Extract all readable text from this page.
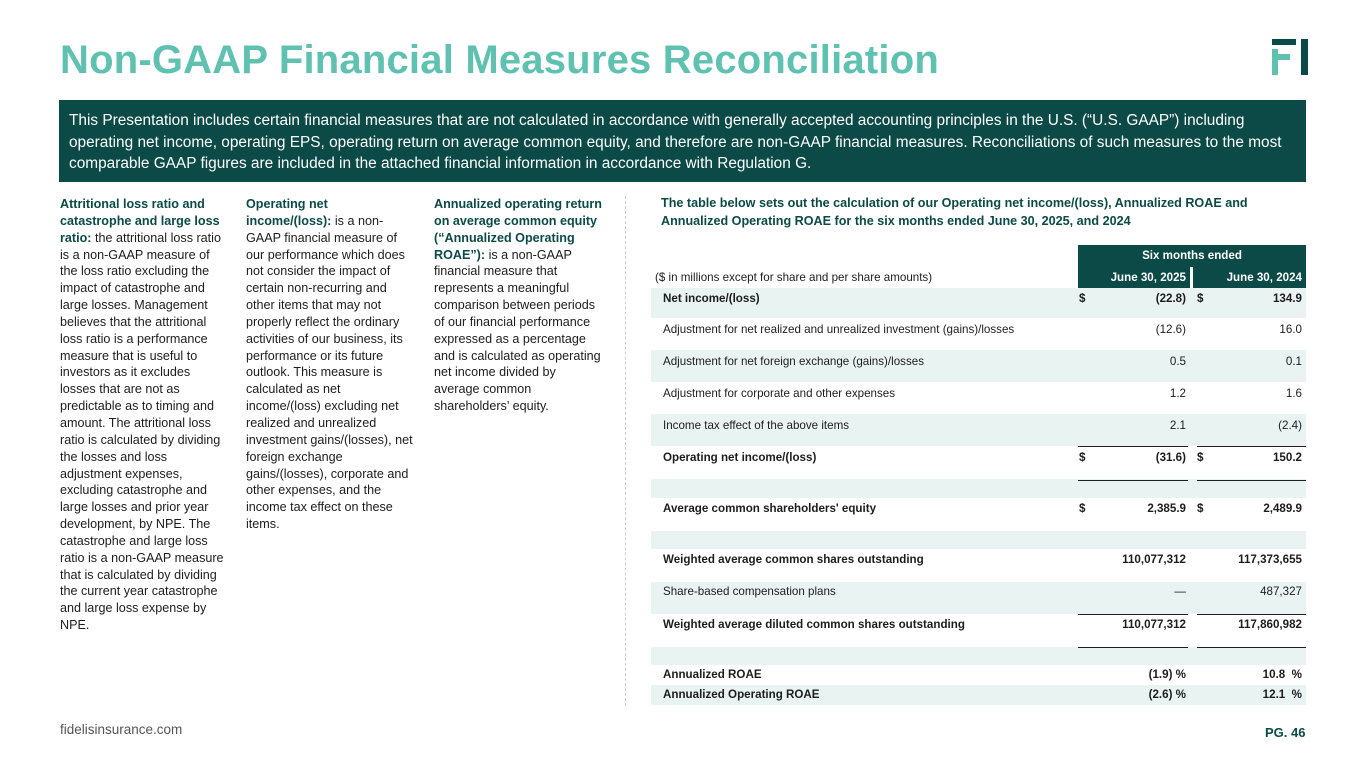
Non-GAAP Financial Measures Reconciliation
This Presentation includes certain financial measures that are not calculated in accordance with generally accepted accounting principles in the U.S. (“U.S. GAAP”) including operating net income, operating EPS, operating return on average common equity, and therefore are non-GAAP financial measures. Reconciliations of such measures to the most comparable GAAP figures are included in the attached financial information in accordance with Regulation G.
Attritional loss ratio and catastrophe and large loss ratio: the attritional loss ratio is a non-GAAP measure of the loss ratio excluding the impact of catastrophe and large losses. Management believes that the attritional loss ratio is a performance measure that is useful to investors as it excludes losses that are not as predictable as to timing and amount. The attritional loss ratio is calculated by dividing the losses and loss adjustment expenses, excluding catastrophe and large losses and prior year development, by NPE. The catastrophe and large loss ratio is a non-GAAP measure that is calculated by dividing the current year catastrophe and large loss expense by NPE.
Operating net income/(loss): is a non-GAAP financial measure of our performance which does not consider the impact of certain non-recurring and other items that may not properly reflect the ordinary activities of our business, its performance or its future outlook. This measure is calculated as net income/(loss) excluding net realized and unrealized investment gains/(losses), net foreign exchange gains/(losses), corporate and other expenses, and the income tax effect on these items.
Annualized operating return on average common equity (“Annualized Operating ROAE”): is a non-GAAP financial measure that represents a meaningful comparison between periods of our financial performance expressed as a percentage and is calculated as operating net income divided by average common shareholders’ equity.
The table below sets out the calculation of our Operating net income/(loss), Annualized ROAE and Annualized Operating ROAE for the six months ended June 30, 2025, and 2024
Six months ended
($ in millions except for share and per share amounts)	June 30, 2025	June 30, 2024
Net income/(loss)	$	(22.8) $	134.9
Adjustment for net realized and unrealized investment (gains)/losses	(12.6)	16.0
Adjustment for net foreign exchange (gains)/losses	0.5	0.1
Adjustment for corporate and other expenses	1.2	1.6
Income tax effect of the above items	2.1	(2.4)
Operating net income/(loss)	$	(31.6) $	150.2
Average common shareholders' equity	$	2,385.9 $	2,489.9
Weighted average common shares outstanding	110,077,312	117,373,655
Share-based compensation plans	—	487,327
Weighted average diluted common shares outstanding	110,077,312	117,860,982
Annualized ROAE	(1.9) %	10.8  %
Annualized Operating ROAE	(2.6) %	12.1  %
fidelisinsurance.com	PG. 46
